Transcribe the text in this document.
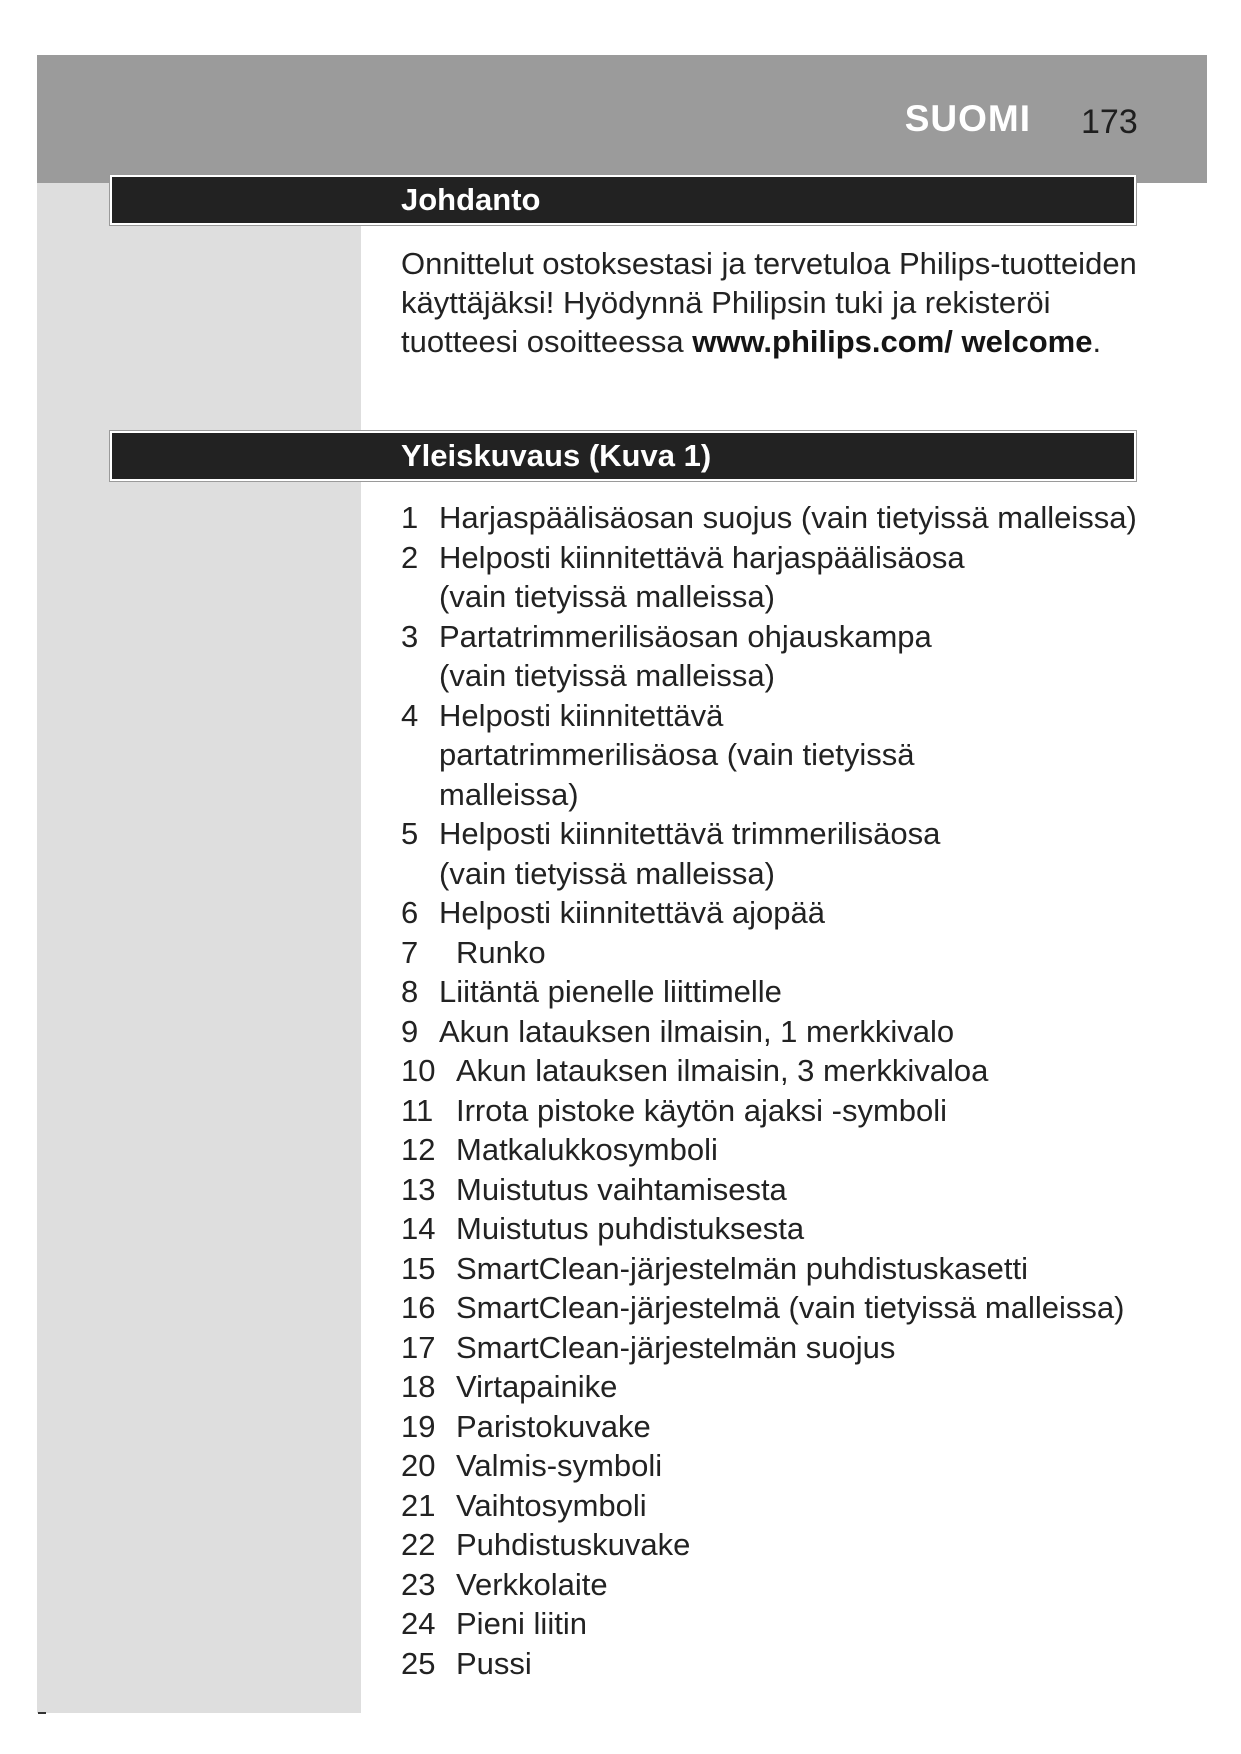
SUOMI 173
Johdanto

Onnittelut ostoksestasi ja tervetuloa Philips-tuotteiden käyttäjäksi! Hyödynnä Philipsin tuki ja rekisteröi tuotteesi osoitteessa www.philips.com/ welcome.

Yleiskuvaus (Kuva 1)
1 Harjaspäälisäosan suojus (vain tietyissä malleissa)
2 Helposti kiinnitettävä harjaspäälisäosa (vain tietyissä malleissa)
3 Partatrimmerilisäosan ohjauskampa (vain tietyissä malleissa)
4 Helposti kiinnitettävä partatrimmerilisäosa (vain tietyissä malleissa)
5 Helposti kiinnitettävä trimmerilisäosa (vain tietyissä malleissa)
6 Helposti kiinnitettävä ajopää
7	Runko
8 Liitäntä pienelle liittimelle
9 Akun latauksen ilmaisin, 1 merkkivalo
10 Akun latauksen ilmaisin, 3 merkkivaloa
11 Irrota pistoke käytön ajaksi -symboli
12 Matkalukkosymboli
13 Muistutus vaihtamisesta
14 Muistutus puhdistuksesta
15 SmartClean-järjestelmän puhdistuskasetti
16 SmartClean-järjestelmä (vain tietyissä malleissa)
17 SmartClean-järjestelmän suojus
18 Virtapainike
19 Paristokuvake
20 Valmis-symboli
21 Vaihtosymboli
22 Puhdistuskuvake
23 Verkkolaite
24 Pieni liitin
25 Pussi
